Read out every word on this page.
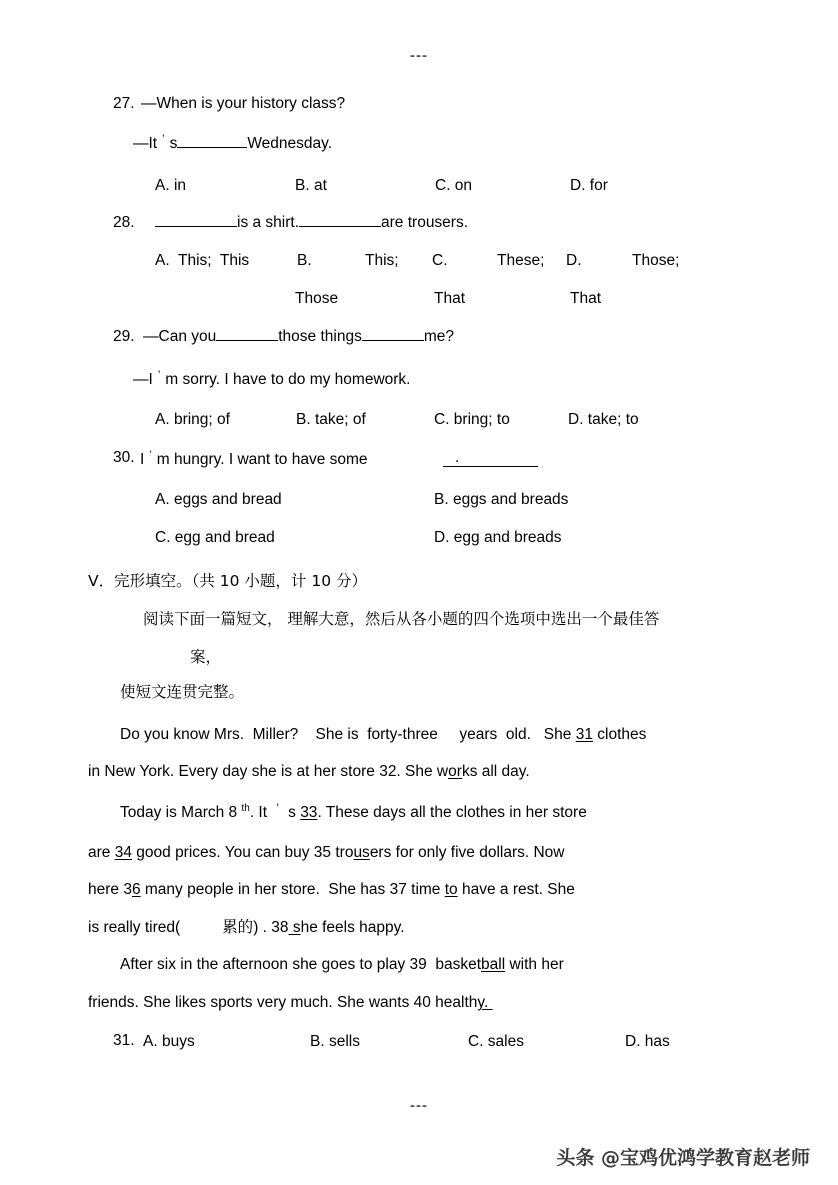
---
27. —When is your history class?
—It ’ s	Wednesday.
A. in	B. at	C. on	D. for
28.	is a shirt.	are trousers.
A.  This;  This	B.	This; C.	These; D.	Those;
Those	That	That
29. —Can you	those things	me?
—I ’ m sorry. I have to do my homework.
A. bring; of	B. take; of	C. bring; to	D. take; to
30. I ’ m hungry. I want to have some	.
A. eggs and bread	B. eggs and breads
C. egg and bread	D. egg and breads
Ⅴ．完形填空。（共 10 小题，计 10 分）
阅读下面一篇短文， 理解大意，然后从各小题的四个选项中选出一个最佳答
案，
使短文连贯完整。
Do you know Mrs.  Miller?    She is  forty-three     years  old.   She 31 clothes
in New York. Every day she is at her store 32. She works all day.
Today is March 8 $^{th}$. It ’ s 33. These days all the clothes in her store
are 34 good prices. You can buy 35 trousers for only five dollars. Now
here 36 many people in her store.  She has 37 time to have a rest. She
is really tired(	累的) . 38 she feels happy.
After six in the afternoon she goes to play 39  basketball with her
friends. She likes sports very much. She wants 40 healthy.
31. A. buys	B. sells	C. sales	D. has
---
头条 @宝鸡优鸿学教育赵老师
